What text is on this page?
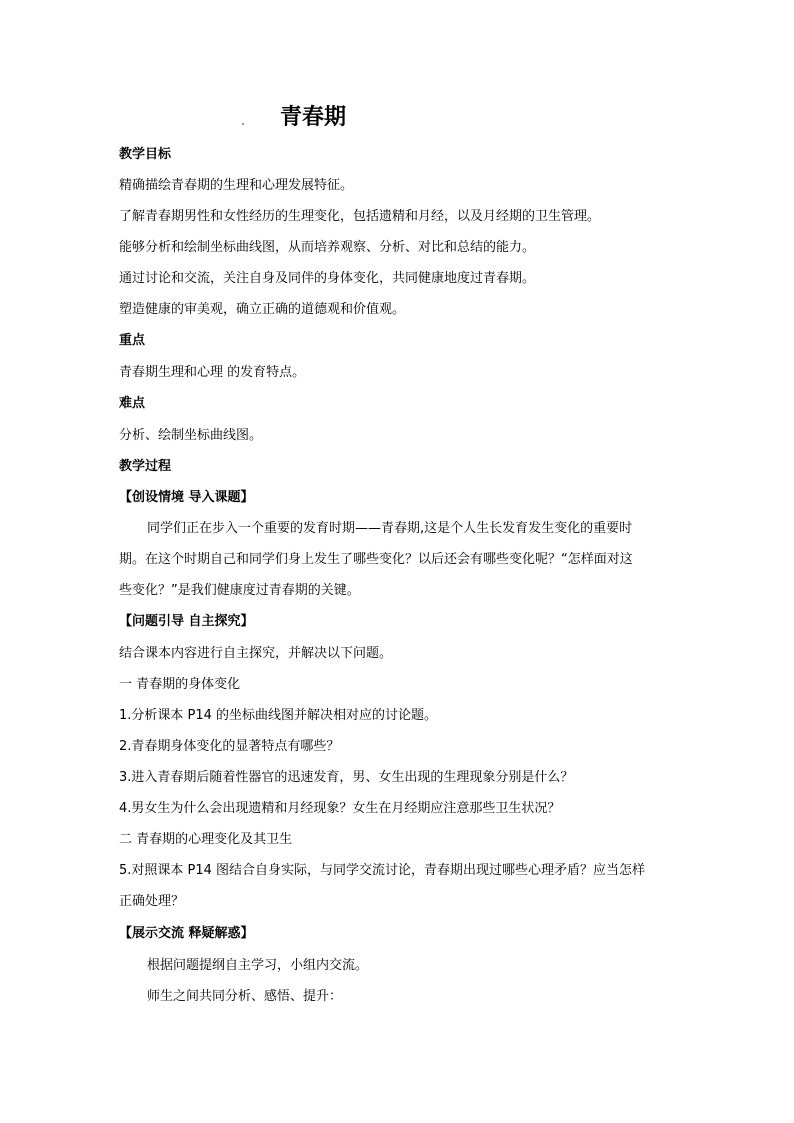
青春期
教学目标
精确描绘青春期的生理和心理发展特征。
了解青春期男性和女性经历的生理变化，包括遗精和月经，以及月经期的卫生管理。
能够分析和绘制坐标曲线图，从而培养观察、分析、对比和总结的能力。
通过讨论和交流，关注自身及同伴的身体变化，共同健康地度过青春期。
塑造健康的审美观，确立正确的道德观和价值观。
重点
青春期生理和心理 的发育特点。
难点
分析、绘制坐标曲线图。
教学过程
【创设情境 导入课题】
同学们正在步入一个重要的发育时期——青春期,这是个人生长发育发生变化的重要时
期。在这个时期自己和同学们身上发生了哪些变化？以后还会有哪些变化呢？“怎样面对这
些变化？”是我们健康度过青春期的关键。
【问题引导 自主探究】
结合课本内容进行自主探究，并解决以下问题。
一 青春期的身体变化
1.分析课本 P14 的坐标曲线图并解决相对应的讨论题。
2.青春期身体变化的显著特点有哪些？
3.进入青春期后随着性器官的迅速发育，男、女生出现的生理现象分别是什么？
4.男女生为什么会出现遗精和月经现象？女生在月经期应注意那些卫生状况？
二 青春期的心理变化及其卫生
5.对照课本 P14 图结合自身实际，与同学交流讨论，青春期出现过哪些心理矛盾？应当怎样
正确处理？
【展示交流 释疑解惑】
根据问题提纲自主学习，小组内交流。
师生之间共同分析、感悟、提升：
